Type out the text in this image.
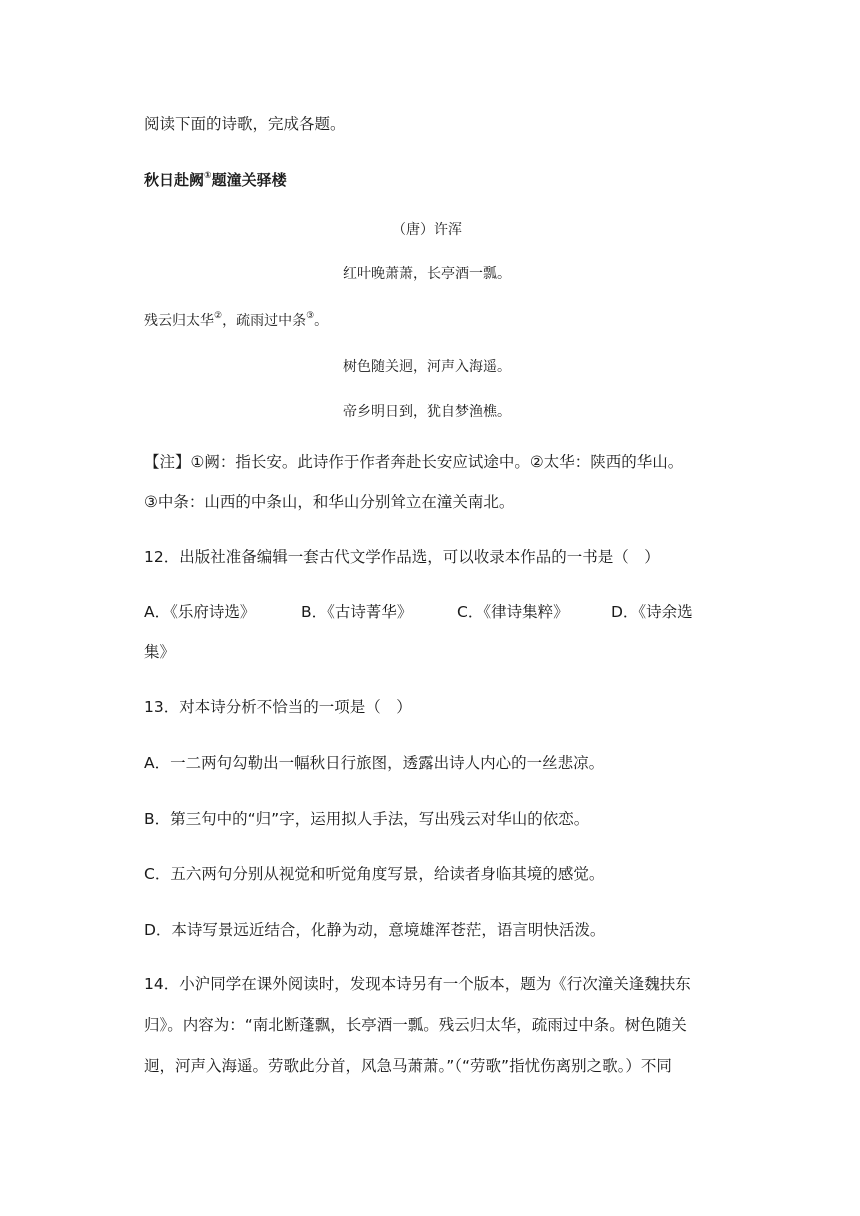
阅读下面的诗歌，完成各题。
秋日赴阙①题潼关驿楼
（唐）许浑
红叶晚萧萧，长亭酒一瓢。
残云归太华②，疏雨过中条③。
树色随关迥，河声入海遥。
帝乡明日到，犹自梦渔樵。
【注】①阙：指长安。此诗作于作者奔赴长安应试途中。②太华：陕西的华山。
③中条：山西的中条山，和华山分别耸立在潼关南北。
12．出版社准备编辑一套古代文学作品选，可以收录本作品的一书是（　）
A．《乐府诗选》	B．《古诗菁华》	C．《律诗集粹》	D．《诗余选
集》
13．对本诗分析不恰当的一项是（　）
A．一二两句勾勒出一幅秋日行旅图，透露出诗人内心的一丝悲凉。
B．第三句中的“归”字，运用拟人手法，写出残云对华山的依恋。
C．五六两句分别从视觉和听觉角度写景，给读者身临其境的感觉。
D．本诗写景远近结合，化静为动，意境雄浑苍茫，语言明快活泼。
14．小沪同学在课外阅读时，发现本诗另有一个版本，题为《行次潼关逢魏扶东
归》。内容为：“南北断蓬飘，长亭酒一瓢。残云归太华，疏雨过中条。树色随关
迥，河声入海遥。劳歌此分首，风急马萧萧。”（“劳歌”指忧伤离别之歌。）不同
